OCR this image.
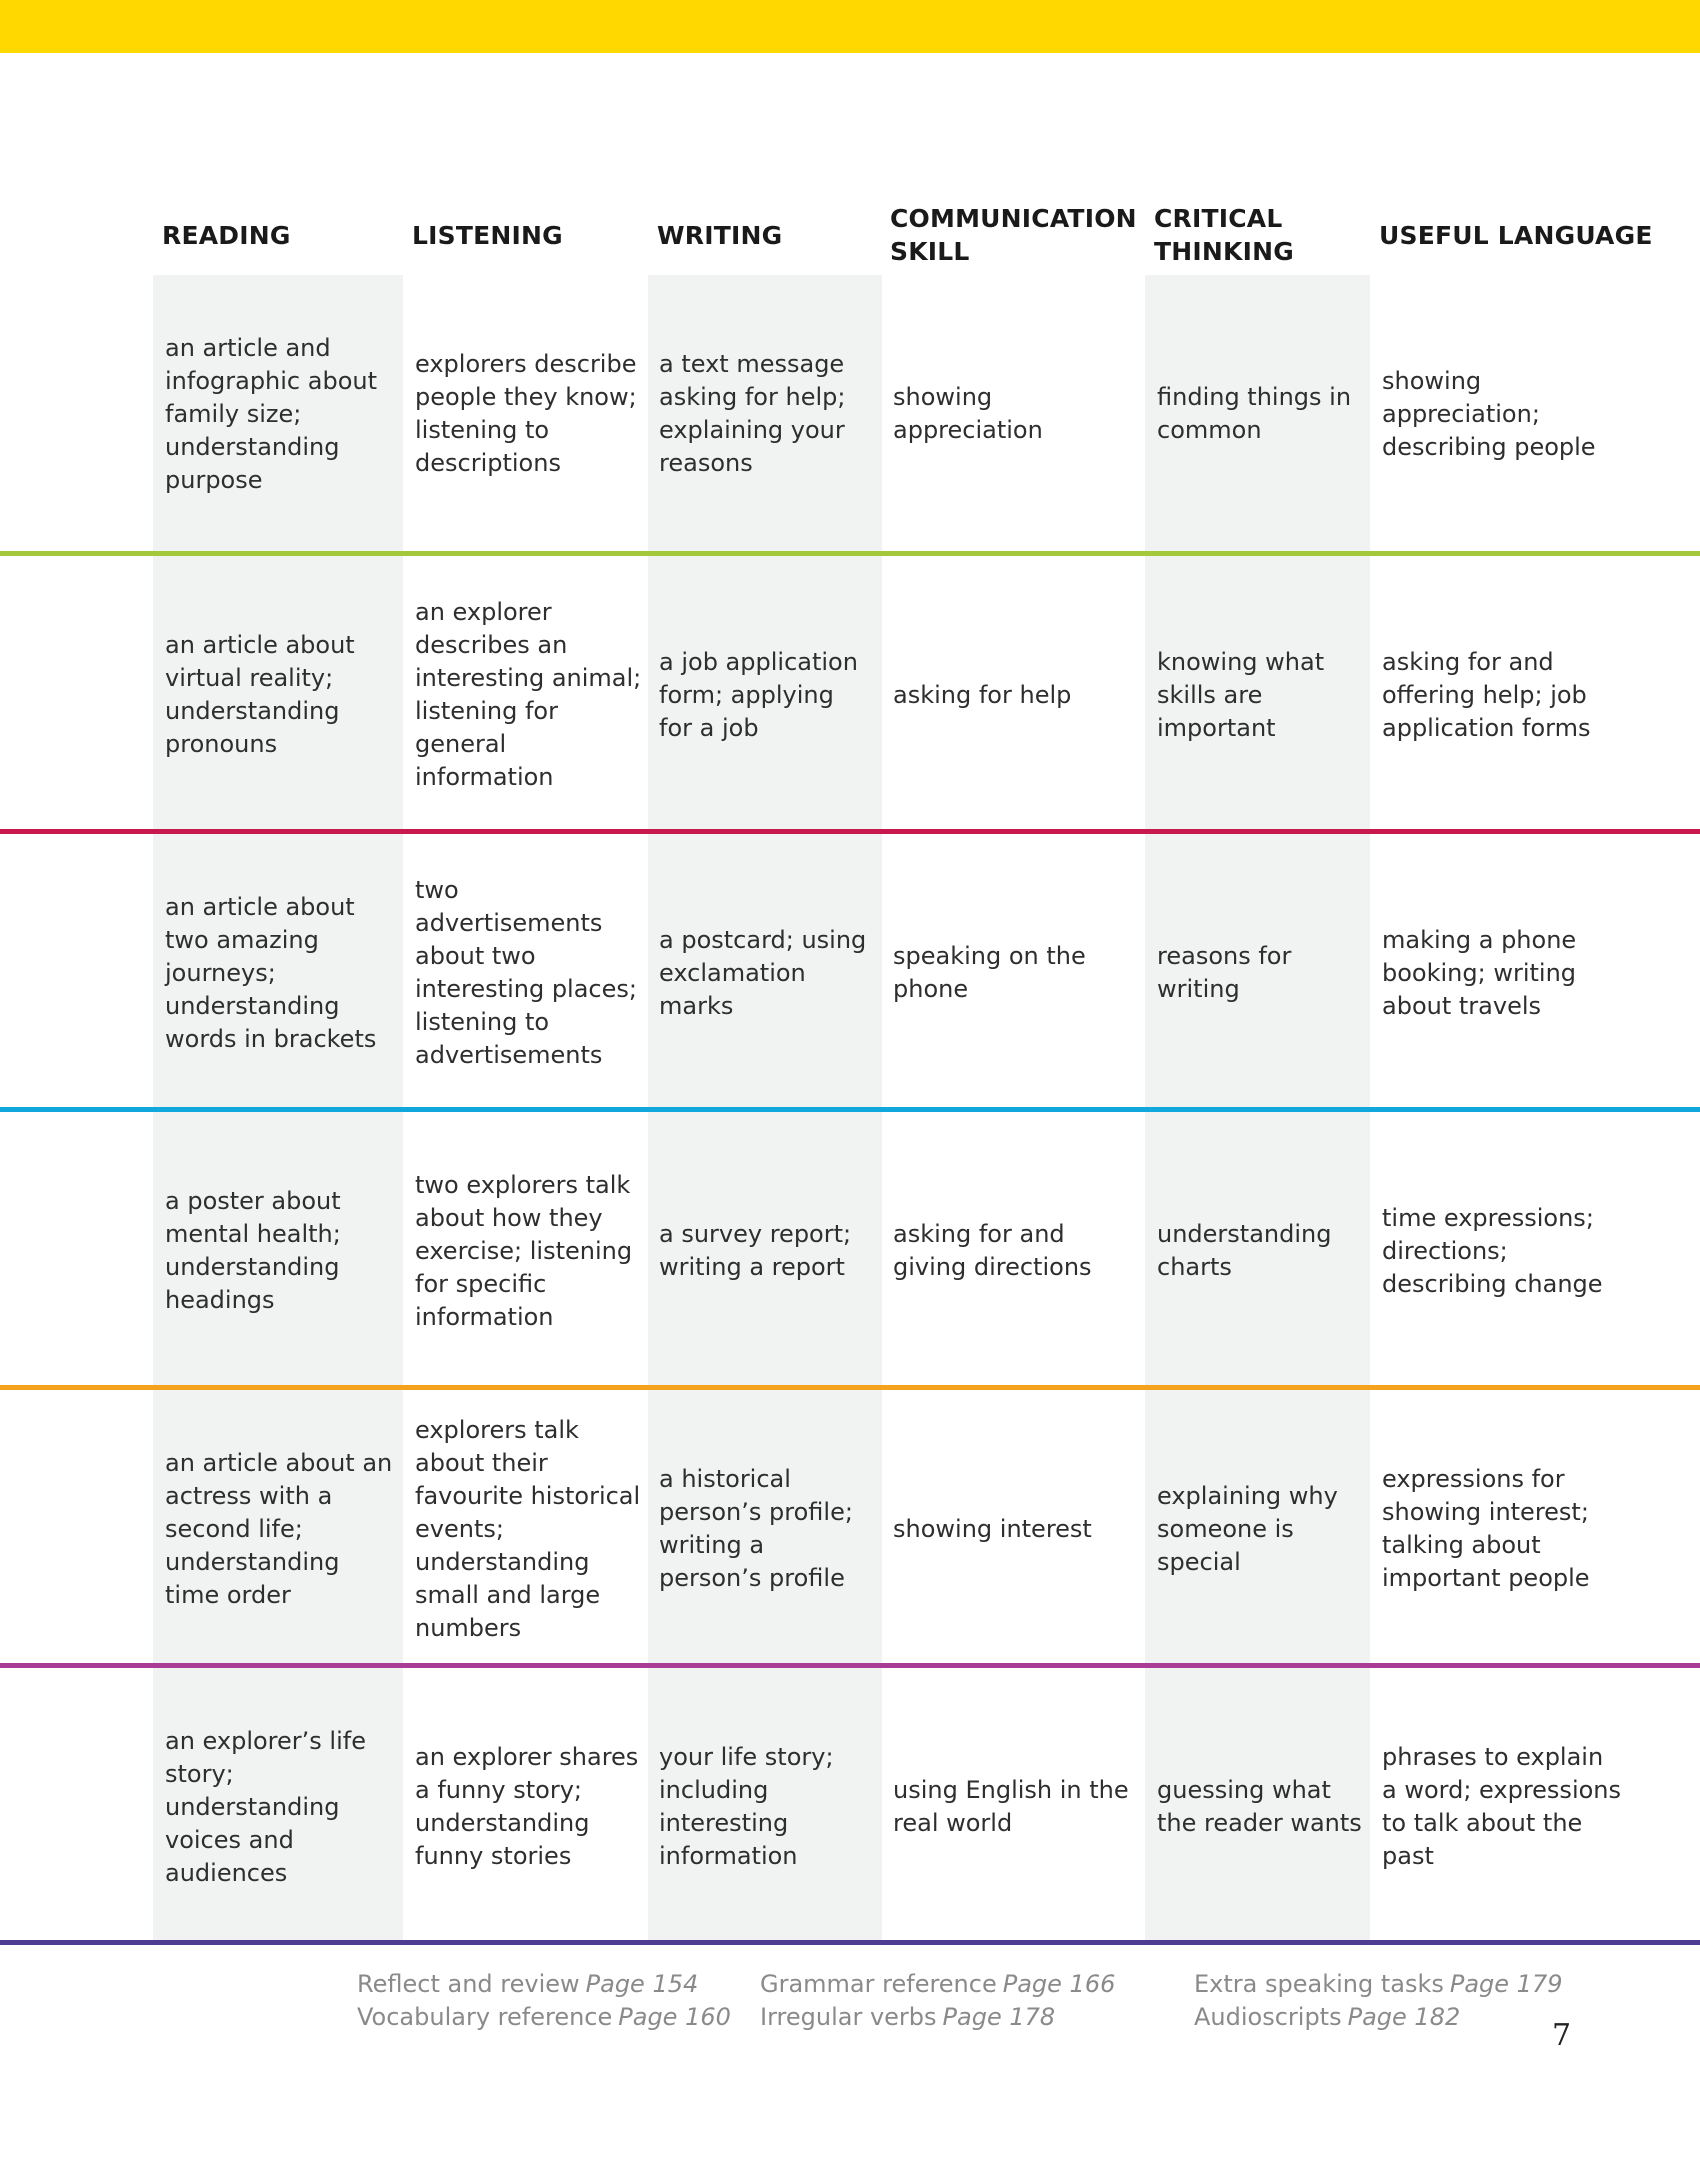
READING	LISTENING	WRITING
COMMUNICATION SKILL
CRITICAL THINKING
USEFUL LANGUAGE
an article and infographic about family size; understanding purpose
explorers describe people they know; listening to descriptions
a text message asking for help; explaining your reasons
showing appreciation
finding things in common
showing appreciation; describing people
an article about virtual reality; understanding pronouns
an explorer describes an interesting animal; listening for general information
a job application form; applying for a job
asking for help
knowing what skills are important
asking for and offering help; job application forms
an article about two amazing journeys; understanding words in brackets
two advertisements about two interesting places; listening to advertisements
a postcard; using exclamation marks
speaking on the phone
reasons for writing
making a phone booking; writing about travels
a poster about mental health; understanding headings
two explorers talk about how they exercise; listening for specific information
a survey report; writing a report
asking for and giving directions
understanding charts
time expressions; directions; describing change
an article about an actress with a second life; understanding time order
explorers talk about their favourite historical events; understanding small and large numbers
a historical person’s profile; writing a person’s profile
showing interest
explaining why someone is special
expressions for showing interest; talking about important people
an explorer’s life story; understanding voices and audiences
an explorer shares a funny story; understanding funny stories
your life story; including interesting information
using English in the real world
guessing what the reader wants
phrases to explain a word; expressions to talk about the past
Reflect and review Page 154
Vocabulary reference Page 160
Grammar reference Page 166
Irregular verbs Page 178
Extra speaking tasks Page 179
Audioscripts Page 182
7
